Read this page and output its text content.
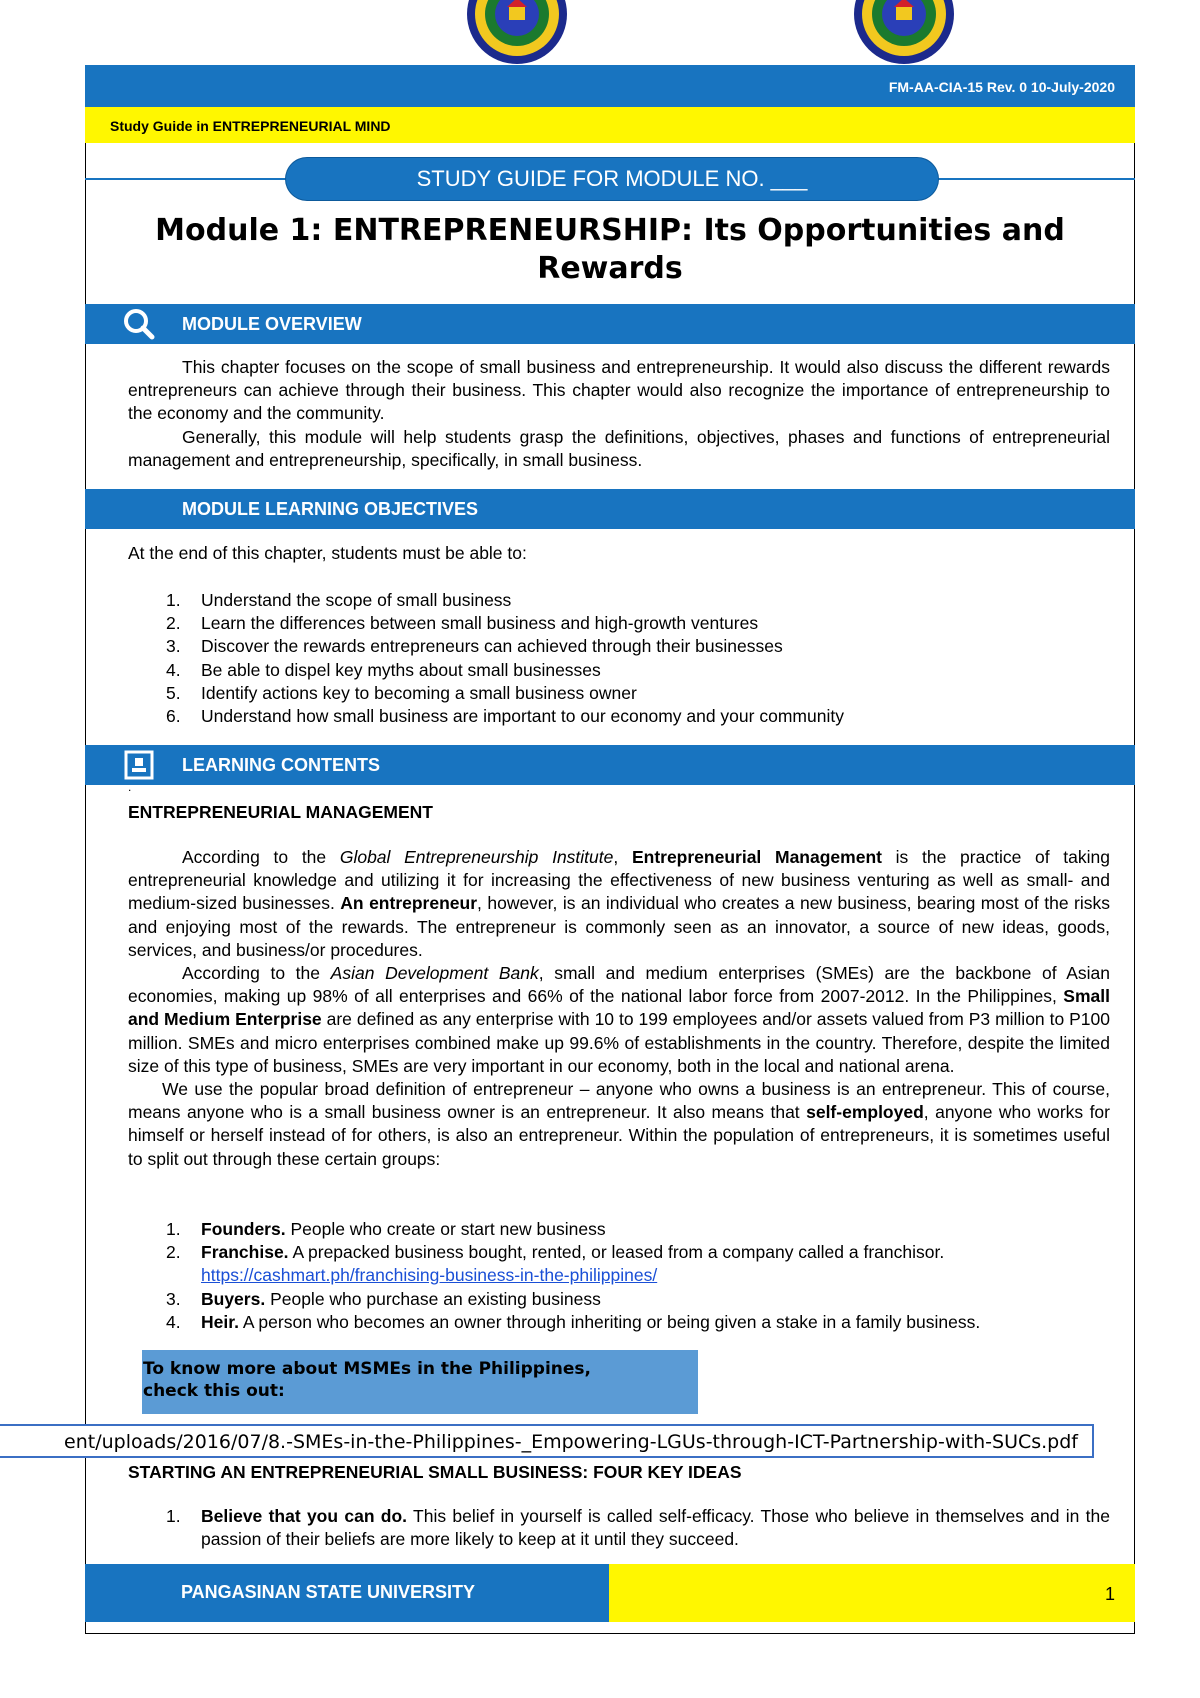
FM-AA-CIA-15 Rev. 0 10-July-2020
Study Guide in ENTREPRENEURIAL MIND
STUDY GUIDE FOR MODULE NO. ___
Module 1: ENTREPRENEURSHIP: Its Opportunities and Rewards
MODULE OVERVIEW
This chapter focuses on the scope of small business and entrepreneurship. It would also discuss the different rewards entrepreneurs can achieve through their business. This chapter would also recognize the importance of entrepreneurship to the economy and the community.
Generally, this module will help students grasp the definitions, objectives, phases and functions of entrepreneurial management and entrepreneurship, specifically, in small business.
MODULE LEARNING OBJECTIVES
At the end of this chapter, students must be able to:
1. Understand the scope of small business
2. Learn the differences between small business and high-growth ventures
3. Discover the rewards entrepreneurs can achieved through their businesses
4. Be able to dispel key myths about small businesses
5. Identify actions key to becoming a small business owner
6. Understand how small business are important to our economy and your community
LEARNING CONTENTS
.
ENTREPRENEURIAL MANAGEMENT
According to the Global Entrepreneurship Institute, Entrepreneurial Management is the practice of taking entrepreneurial knowledge and utilizing it for increasing the effectiveness of new business venturing as well as small- and medium-sized businesses. An entrepreneur, however, is an individual who creates a new business, bearing most of the risks and enjoying most of the rewards. The entrepreneur is commonly seen as an innovator, a source of new ideas, goods, services, and business/or procedures.
According to the Asian Development Bank, small and medium enterprises (SMEs) are the backbone of Asian economies, making up 98% of all enterprises and 66% of the national labor force from 2007-2012. In the Philippines, Small and Medium Enterprise are defined as any enterprise with 10 to 199 employees and/or assets valued from P3 million to P100 million. SMEs and micro enterprises combined make up 99.6% of establishments in the country. Therefore, despite the limited size of this type of business, SMEs are very important in our economy, both in the local and national arena.
We use the popular broad definition of entrepreneur – anyone who owns a business is an entrepreneur. This of course, means anyone who is a small business owner is an entrepreneur. It also means that self-employed, anyone who works for himself or herself instead of for others, is also an entrepreneur. Within the population of entrepreneurs, it is sometimes useful to split out through these certain groups:
1. Founders. People who create or start new business
2. Franchise. A prepacked business bought, rented, or leased from a company called a franchisor.
https://cashmart.ph/franchising-business-in-the-philippines/
3. Buyers. People who purchase an existing business
4. Heir. A person who becomes an owner through inheriting or being given a stake in a family business.
To know more about MSMEs in the Philippines,
check this out:
ent/uploads/2016/07/8.-SMEs-in-the-Philippines-_Empowering-LGUs-through-ICT-Partnership-with-SUCs.pdf
STARTING AN ENTREPRENEURIAL SMALL BUSINESS: FOUR KEY IDEAS
1. Believe that you can do. This belief in yourself is called self-efficacy. Those who believe in themselves and in the passion of their beliefs are more likely to keep at it until they succeed.
PANGASINAN STATE UNIVERSITY	1
